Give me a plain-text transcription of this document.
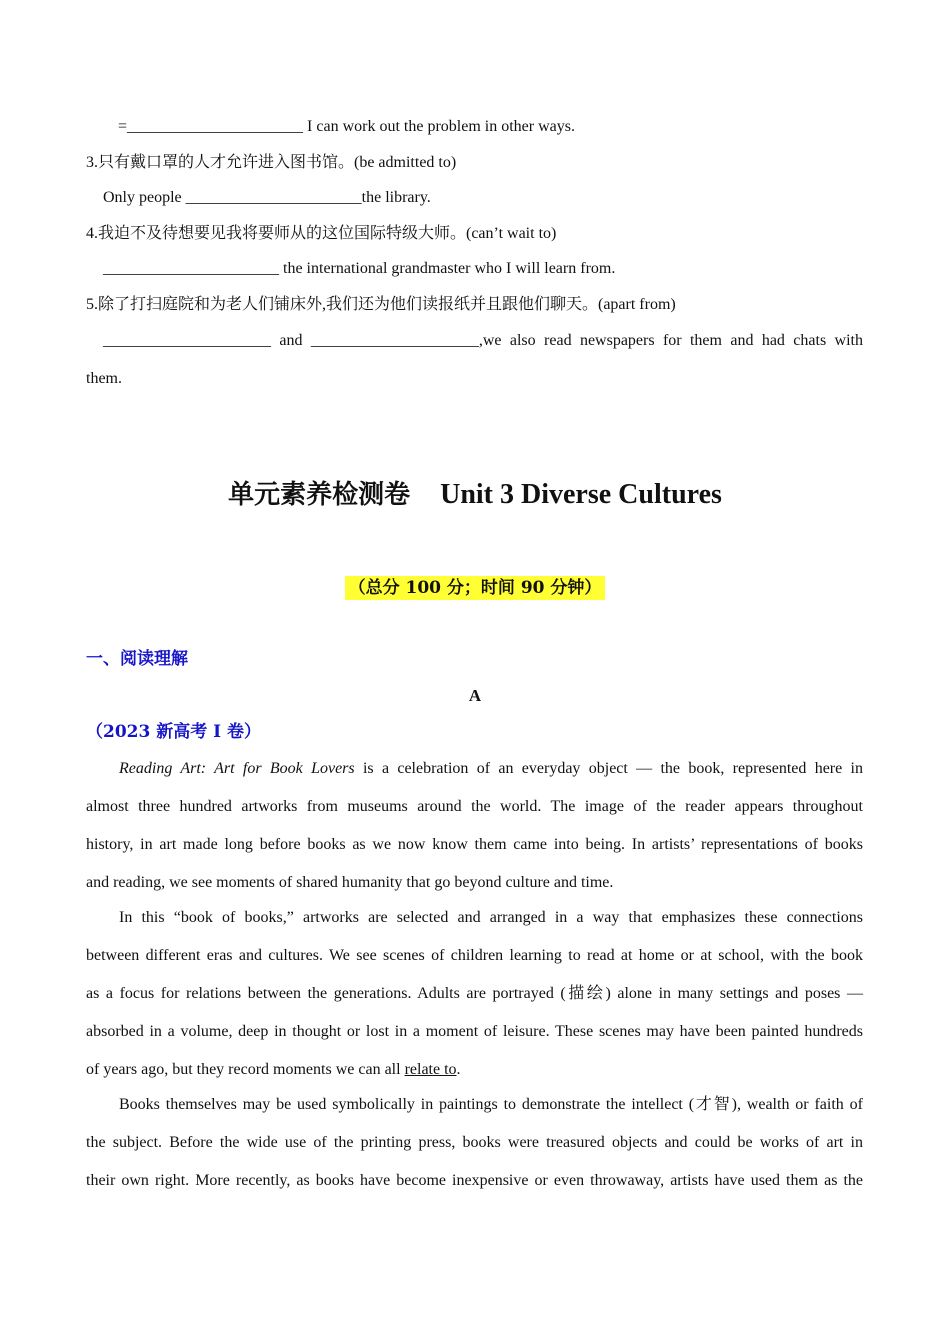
=______________________ I can work out the problem in other ways.
3.只有戴口罩的人才允许进入图书馆。(be admitted to)
Only people ______________________the library.
4.我迫不及待想要见我将要师从的这位国际特级大师。(can’t wait to)
______________________ the international grandmaster who I will learn from.
5.除了打扫庭院和为老人们铺床外,我们还为他们读报纸并且跟他们聊天。(apart from)
_____________________ and _____________________,we also read newspapers for them and had chats with
them.
单元素养检测卷 Unit 3 Diverse Cultures
（总分 100 分；时间 90 分钟）
一、阅读理解
A
（2023 新高考 I 卷）
Reading Art: Art for Book Lovers is a celebration of an everyday object — the book, represented here in
almost three hundred artworks from museums around the world. The image of the reader appears throughout
history, in art made long before books as we now know them came into being. In artists’ representations of books
and reading, we see moments of shared humanity that go beyond culture and time.
In this “book of books,” artworks are selected and arranged in a way that emphasizes these connections
between different eras and cultures. We see scenes of children learning to read at home or at school, with the book
as a focus for relations between the generations. Adults are portrayed (描绘) alone in many settings and poses —
absorbed in a volume, deep in thought or lost in a moment of leisure. These scenes may have been painted hundreds
of years ago, but they record moments we can all relate to.
Books themselves may be used symbolically in paintings to demonstrate the intellect (才智), wealth or faith of
the subject. Before the wide use of the printing press, books were treasured objects and could be works of art in
their own right. More recently, as books have become inexpensive or even throwaway, artists have used them as the
